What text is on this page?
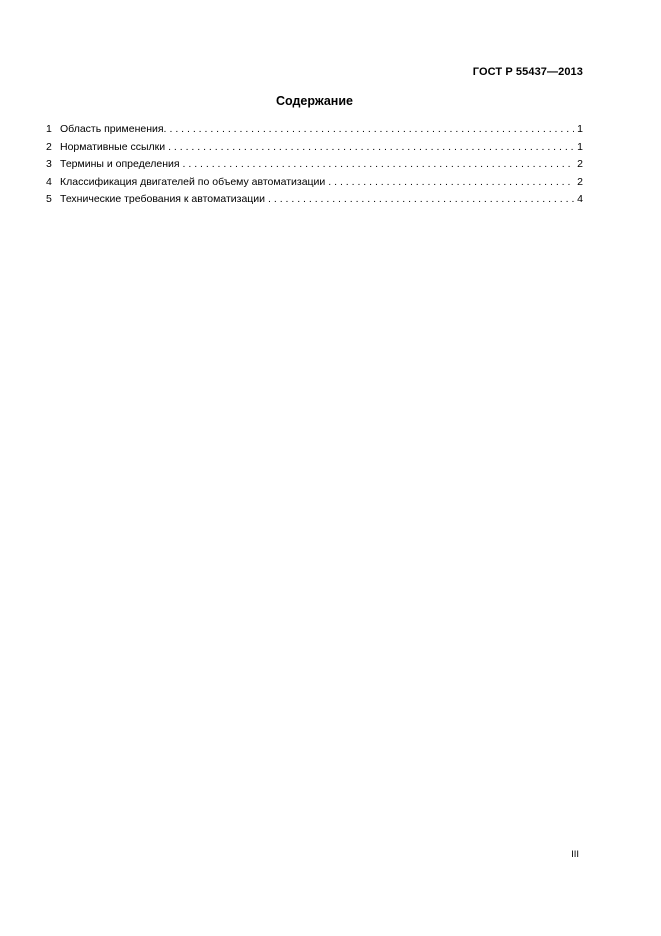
ГОСТ Р 55437—2013
Содержание
1 Область применения. . . .	1
2 Нормативные ссылки . . .	1
3 Термины и определения . . .	2
4 Классификация двигателей по объему автоматизации . . .	2
5 Технические требования к автоматизации . . .	4
III
